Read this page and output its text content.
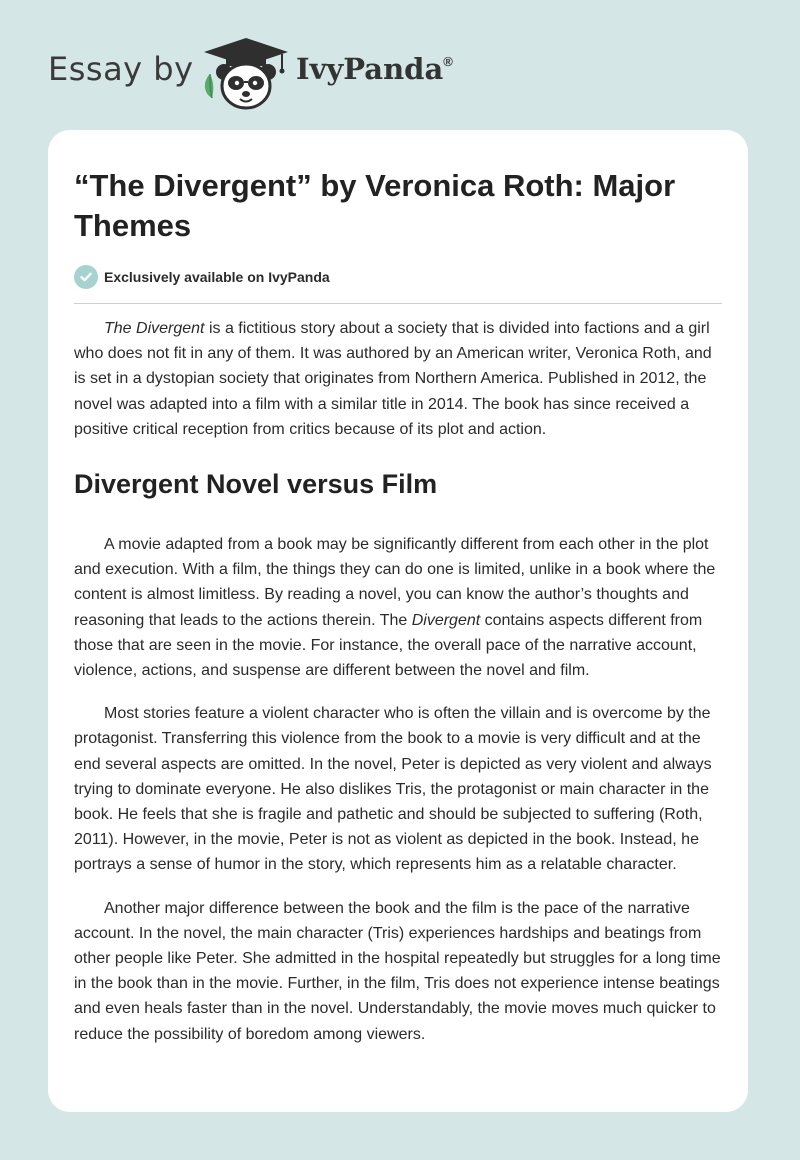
Essay by	IvyPanda®
“The Divergent” by Veronica Roth: Major Themes
Exclusively available on IvyPanda

The Divergent is a fictitious story about a society that is divided into factions and a girl who does not fit in any of them. It was authored by an American writer, Veronica Roth, and is set in a dystopian society that originates from Northern America. Published in 2012, the novel was adapted into a film with a similar title in 2014. The book has since received a positive critical reception from critics because of its plot and action.

Divergent Novel versus Film

A movie adapted from a book may be significantly different from each other in the plot and execution. With a film, the things they can do one is limited, unlike in a book where the content is almost limitless. By reading a novel, you can know the author’s thoughts and reasoning that leads to the actions therein. The Divergent contains aspects different from those that are seen in the movie. For instance, the overall pace of the narrative account, violence, actions, and suspense are different between the novel and film.

Most stories feature a violent character who is often the villain and is overcome by the protagonist. Transferring this violence from the book to a movie is very difficult and at the end several aspects are omitted. In the novel, Peter is depicted as very violent and always trying to dominate everyone. He also dislikes Tris, the protagonist or main character in the book. He feels that she is fragile and pathetic and should be subjected to suffering (Roth, 2011). However, in the movie, Peter is not as violent as depicted in the book. Instead, he portrays a sense of humor in the story, which represents him as a relatable character.

Another major difference between the book and the film is the pace of the narrative account. In the novel, the main character (Tris) experiences hardships and beatings from other people like Peter. She admitted in the hospital repeatedly but struggles for a long time in the book than in the movie. Further, in the film, Tris does not experience intense beatings and even heals faster than in the novel. Understandably, the movie moves much quicker to reduce the possibility of boredom among viewers.
